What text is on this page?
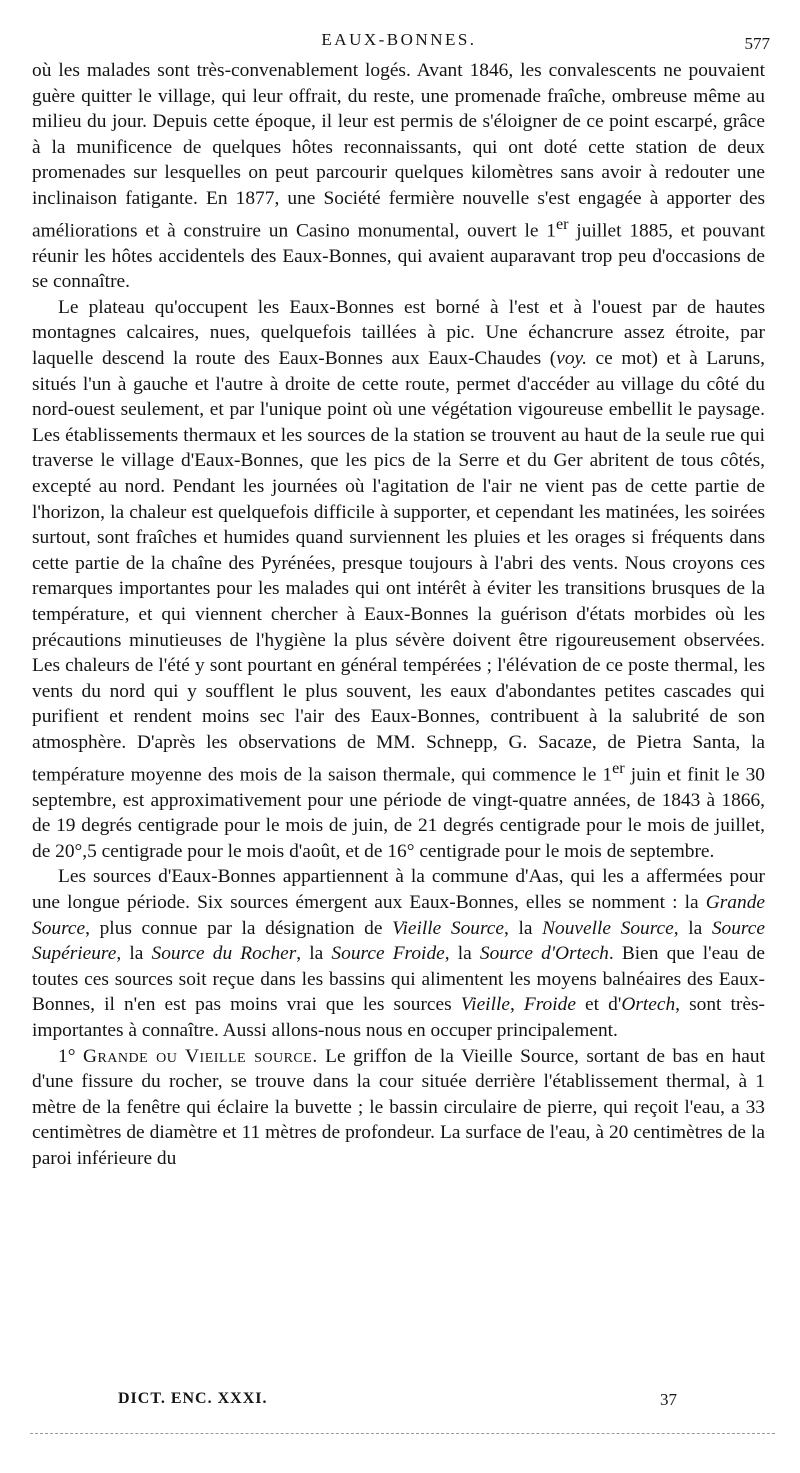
EAUX-BONNES.	577

où les malades sont très-convenablement logés. Avant 1846, les convalescents ne pouvaient guère quitter le village, qui leur offrait, du reste, une promenade fraîche, ombreuse même au milieu du jour. Depuis cette époque, il leur est permis de s'éloigner de ce point escarpé, grâce à la munificence de quelques hôtes reconnaissants, qui ont doté cette station de deux promenades sur lesquelles on peut parcourir quelques kilomètres sans avoir à redouter une inclinaison fatigante. En 1877, une Société fermière nouvelle s'est engagée à apporter des améliorations et à construire un Casino monumental, ouvert le 1er juillet 1885, et pouvant réunir les hôtes accidentels des Eaux-Bonnes, qui avaient auparavant trop peu d'occasions de se connaître.

Le plateau qu'occupent les Eaux-Bonnes est borné à l'est et à l'ouest par de hautes montagnes calcaires, nues, quelquefois taillées à pic. Une échancrure assez étroite, par laquelle descend la route des Eaux-Bonnes aux Eaux-Chaudes (voy. ce mot) et à Laruns, situés l'un à gauche et l'autre à droite de cette route, permet d'accéder au village du côté du nord-ouest seulement, et par l'unique point où une végétation vigoureuse embellit le paysage. Les établissements thermaux et les sources de la station se trouvent au haut de la seule rue qui traverse le village d'Eaux-Bonnes, que les pics de la Serre et du Ger abritent de tous côtés, excepté au nord. Pendant les journées où l'agitation de l'air ne vient pas de cette partie de l'horizon, la chaleur est quelquefois difficile à supporter, et cependant les matinées, les soirées surtout, sont fraîches et humides quand surviennent les pluies et les orages si fréquents dans cette partie de la chaîne des Pyrénées, presque toujours à l'abri des vents. Nous croyons ces remarques importantes pour les malades qui ont intérêt à éviter les transitions brusques de la température, et qui viennent chercher à Eaux-Bonnes la guérison d'états morbides où les précautions minutieuses de l'hygiène la plus sévère doivent être rigoureusement observées. Les chaleurs de l'été y sont pourtant en général tempérées ; l'élévation de ce poste thermal, les vents du nord qui y soufflent le plus souvent, les eaux d'abondantes petites cascades qui purifient et rendent moins sec l'air des Eaux-Bonnes, contribuent à la salubrité de son atmosphère. D'après les observations de MM. Schnepp, G. Sacaze, de Pietra Santa, la température moyenne des mois de la saison thermale, qui commence le 1er juin et finit le 30 septembre, est approximativement pour une période de vingt-quatre années, de 1843 à 1866, de 19 degrés centigrade pour le mois de juin, de 21 degrés centigrade pour le mois de juillet, de 20°,5 centigrade pour le mois d'août, et de 16° centigrade pour le mois de septembre.

Les sources d'Eaux-Bonnes appartiennent à la commune d'Aas, qui les a affermées pour une longue période. Six sources émergent aux Eaux-Bonnes, elles se nomment : la Grande Source, plus connue par la désignation de Vieille Source, la Nouvelle Source, la Source Supérieure, la Source du Rocher, la Source Froide, la Source d'Ortech. Bien que l'eau de toutes ces sources soit reçue dans les bassins qui alimentent les moyens balnéaires des Eaux-Bonnes, il n'en est pas moins vrai que les sources Vieille, Froide et d'Ortech, sont très-importantes à connaître. Aussi allons-nous nous en occuper principalement.

1° Grande ou Vieille source. Le griffon de la Vieille Source, sortant de bas en haut d'une fissure du rocher, se trouve dans la cour située derrière l'établissement thermal, à 1 mètre de la fenêtre qui éclaire la buvette ; le bassin circulaire de pierre, qui reçoit l'eau, a 33 centimètres de diamètre et 11 mètres de profondeur. La surface de l'eau, à 20 centimètres de la paroi inférieure du

DICT. ENC. XXXI.	37
